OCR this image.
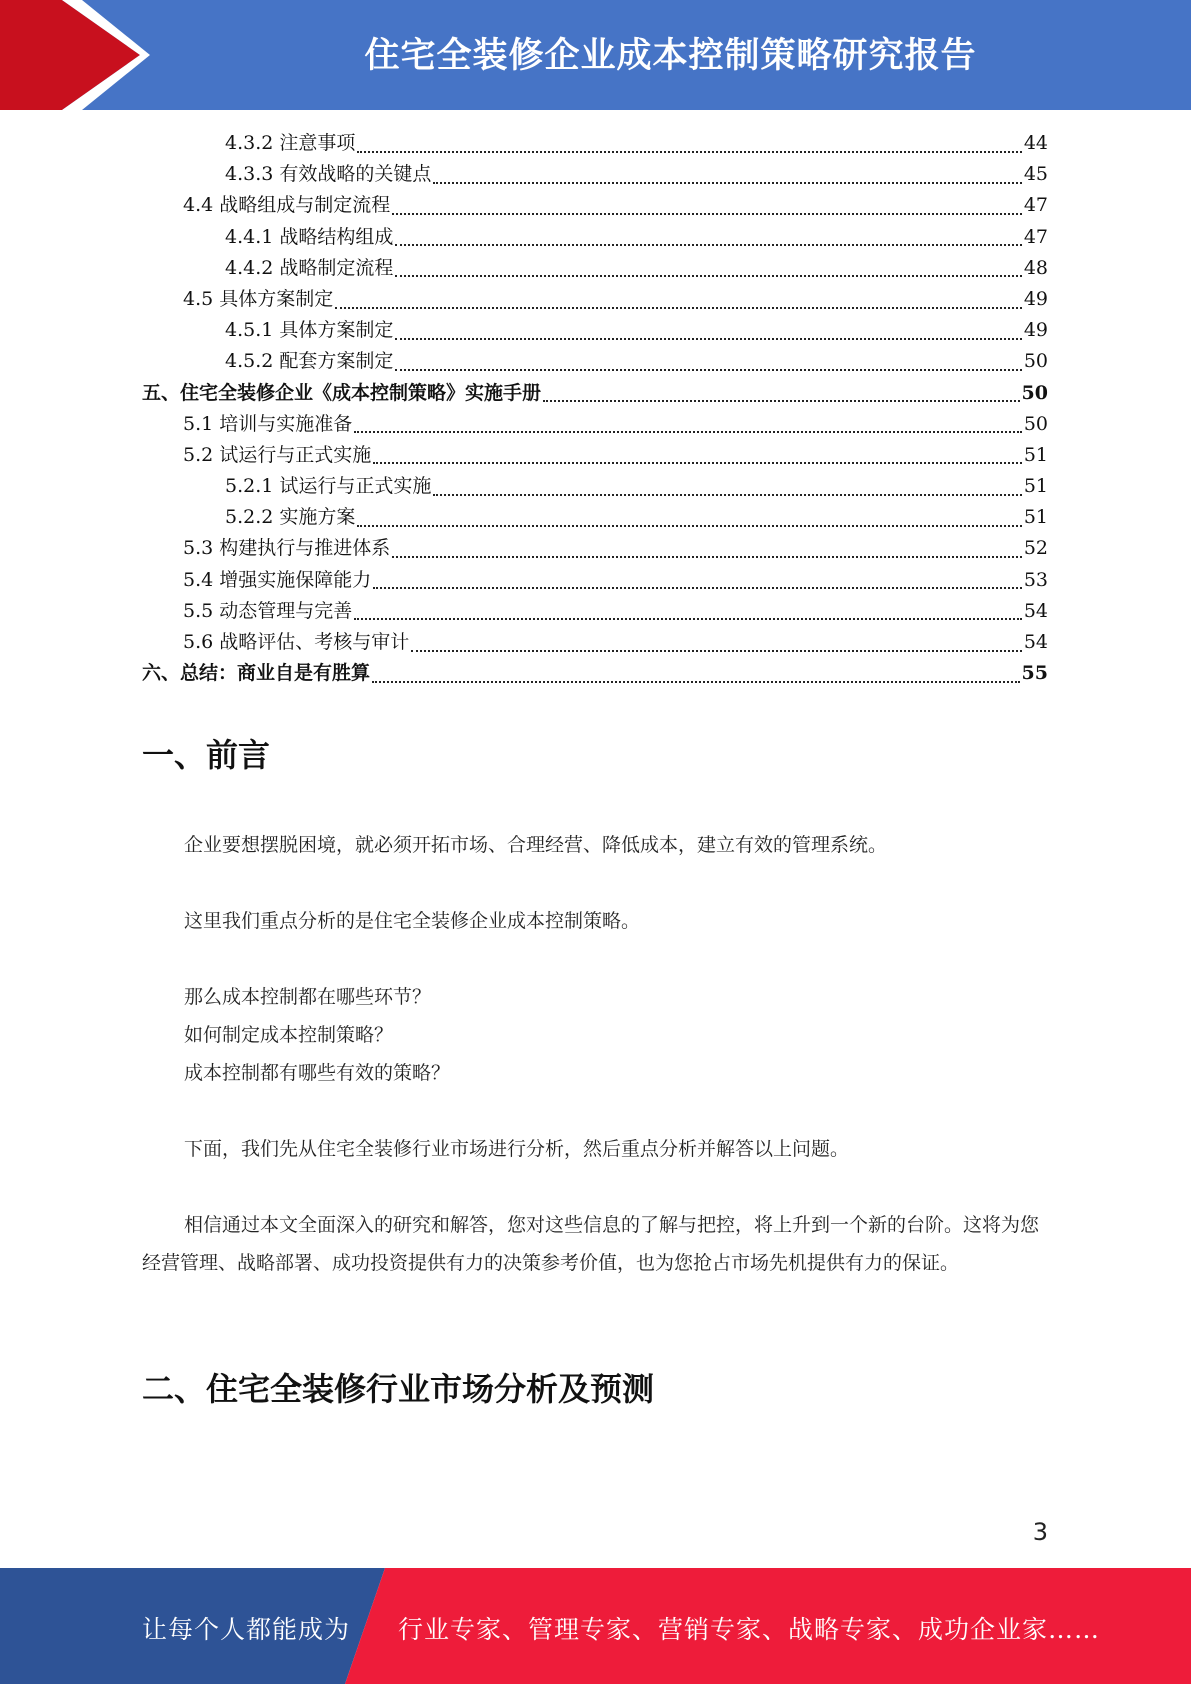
住宅全装修企业成本控制策略研究报告
4.3.2 注意事项	44
4.3.3 有效战略的关键点	45
4.4 战略组成与制定流程	47
4.4.1 战略结构组成	47
4.4.2 战略制定流程	48
4.5 具体方案制定	49
4.5.1 具体方案制定	49
4.5.2 配套方案制定	50
五、住宅全装修企业《成本控制策略》实施手册	50
5.1 培训与实施准备	50
5.2 试运行与正式实施	51
5.2.1 试运行与正式实施	51
5.2.2 实施方案	51
5.3 构建执行与推进体系	52
5.4 增强实施保障能力	53
5.5 动态管理与完善	54
5.6 战略评估、考核与审计	54
六、总结：商业自是有胜算	55
一、前言
企业要想摆脱困境，就必须开拓市场、合理经营、降低成本，建立有效的管理系统。
这里我们重点分析的是住宅全装修企业成本控制策略。
那么成本控制都在哪些环节？
如何制定成本控制策略？
成本控制都有哪些有效的策略？
下面，我们先从住宅全装修行业市场进行分析，然后重点分析并解答以上问题。
相信通过本文全面深入的研究和解答，您对这些信息的了解与把控，将上升到一个新的台阶。这将为您经营管理、战略部署、成功投资提供有力的决策参考价值，也为您抢占市场先机提供有力的保证。
二、住宅全装修行业市场分析及预测
3
让每个人都能成为 行业专家、管理专家、营销专家、战略专家、成功企业家……
